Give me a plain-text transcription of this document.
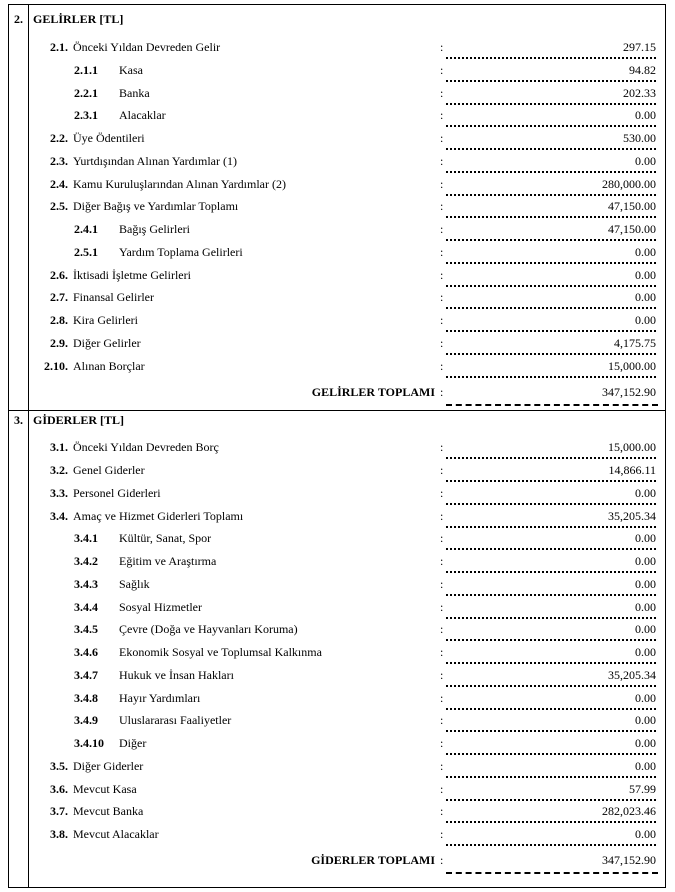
2. GELİRLER [TL]
2.1. Önceki Yıldan Devreden Gelir	:	297.15
2.1.1 Kasa	:	94.82
2.2.1 Banka	:	202.33
2.3.1 Alacaklar	:	0.00
2.2. Üye Ödentileri	:	530.00
2.3. Yurtdışından Alınan Yardımlar (1)	:	0.00
2.4. Kamu Kuruluşlarından Alınan Yardımlar (2)	:	280,000.00
2.5. Diğer Bağış ve Yardımlar Toplamı	:	47,150.00
2.4.1 Bağış Gelirleri	:	47,150.00
2.5.1 Yardım Toplama Gelirleri	:	0.00
2.6. İktisadi İşletme Gelirleri	:	0.00
2.7. Finansal Gelirler	:	0.00
2.8. Kira Gelirleri	:	0.00
2.9. Diğer Gelirler	:	4,175.75
2.10. Alınan Borçlar	:	15,000.00
GELİRLER TOPLAMI :	347,152.90
3. GİDERLER [TL]
3.1. Önceki Yıldan Devreden Borç	:	15,000.00
3.2. Genel Giderler	:	14,866.11
3.3. Personel Giderleri	:	0.00
3.4. Amaç ve Hizmet Giderleri Toplamı	:	35,205.34
3.4.1 Kültür, Sanat, Spor	:	0.00
3.4.2 Eğitim ve Araştırma	:	0.00
3.4.3 Sağlık	:	0.00
3.4.4 Sosyal Hizmetler	:	0.00
3.4.5 Çevre (Doğa ve Hayvanları Koruma)	:	0.00
3.4.6 Ekonomik Sosyal ve Toplumsal Kalkınma	:	0.00
3.4.7 Hukuk ve İnsan Hakları	:	35,205.34
3.4.8 Hayır Yardımları	:	0.00
3.4.9 Uluslararası Faaliyetler	:	0.00
3.4.10 Diğer	:	0.00
3.5. Diğer Giderler	:	0.00
3.6. Mevcut Kasa	:	57.99
3.7. Mevcut Banka	:	282,023.46
3.8. Mevcut Alacaklar	:	0.00
GİDERLER TOPLAMI :	347,152.90
